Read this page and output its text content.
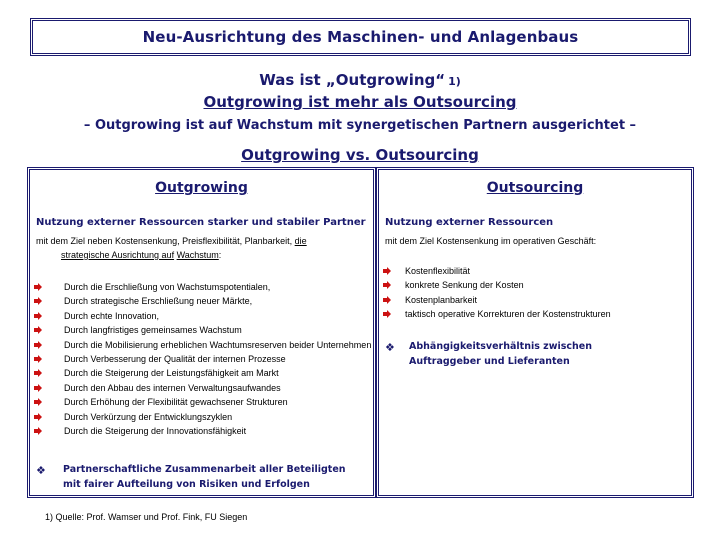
Neu-Ausrichtung des Maschinen- und Anlagenbaus
Was ist „Outgrowing“ 1)
Outgrowing ist mehr als Outsourcing
– Outgrowing ist auf Wachstum mit synergetischen Partnern ausgerichtet –
Outgrowing vs. Outsourcing
Outgrowing
Nutzung externer Ressourcen starker und stabiler Partner
mit dem Ziel neben Kostensenkung, Preisflexibilität, Planbarkeit, die
strategische Ausrichtung auf Wachstum:
Durch die Erschließung von Wachstumspotentialen,
Durch strategische Erschließung neuer Märkte,
Durch echte Innovation,
Durch langfristiges gemeinsames Wachstum
Durch die Mobilisierung erheblichen Wachtumsreserven beider Unternehmen
Durch Verbesserung der Qualität der internen Prozesse
Durch die Steigerung der Leistungsfähigkeit am Markt
Durch den Abbau des internen Verwaltungsaufwandes
Durch Erhöhung der Flexibilität gewachsener Strukturen
Durch Verkürzung der Entwicklungszyklen
Durch die Steigerung der Innovationsfähigkeit
❖ Partnerschaftliche Zusammenarbeit aller Beteiligten
mit fairer Aufteilung von Risiken und Erfolgen
Outsourcing
Nutzung externer Ressourcen
mit dem Ziel Kostensenkung im operativen Geschäft:
Kostenflexibilität
konkrete Senkung der Kosten
Kostenplanbarkeit
taktisch operative Korrekturen der Kostenstrukturen
❖ Abhängigkeitsverhältnis zwischen
Auftraggeber und Lieferanten
1) Quelle: Prof. Wamser und Prof. Fink, FU Siegen
